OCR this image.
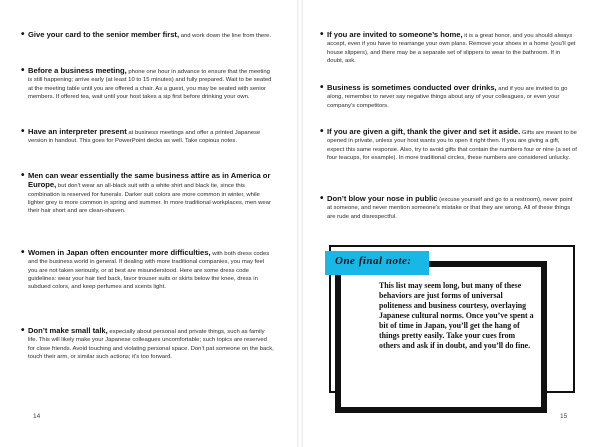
• Give your card to the senior member first, and work down the line from there.
• Before a business meeting, phone one hour in advance to ensure that the meeting is still happening; arrive early (at least 10 to 15 minutes) and fully prepared. Wait to be seated at the meeting table until you are offered a chair. As a guest, you may be seated with senior members. If offered tea, wait until your host takes a sip first before drinking your own.
• Have an interpreter present at business meetings and offer a printed Japanese version in handout. This goes for PowerPoint decks as well. Take copious notes.
• Men can wear essentially the same business attire as in America or Europe, but don’t wear an all-black suit with a white shirt and black tie, since this combination is reserved for funerals. Darker suit colors are more common in winter, while lighter grey is more common in spring and summer. In more traditional workplaces, men wear their hair short and are clean-shaven.
• Women in Japan often encounter more difficulties, with both dress codes and the business world in general. If dealing with more traditional companies, you may feel you are not taken seriously, or at best are misunderstood. Here are some dress code guidelines: wear your hair tied back, favor trouser suits or skirts below the knee, dress in subdued colors, and keep perfumes and scents light.
• Don’t make small talk, especially about personal and private things, such as family life. This will likely make your Japanese colleagues uncomfortable; such topics are reserved for close friends. Avoid touching and violating personal space. Don’t pat someone on the back, touch their arm, or similar such actions; it’s too forward.
14
• If you are invited to someone’s home, it is a great honor, and you should always accept, even if you have to rearrange your own plans. Remove your shoes in a home (you’ll get house slippers), and there may be a separate set of slippers to wear to the bathroom. If in doubt, ask.
• Business is sometimes conducted over drinks, and if you are invited to go along, remember to never say negative things about any of your colleagues, or even your company’s competitors.
• If you are given a gift, thank the giver and set it aside. Gifts are meant to be opened in private, unless your host wants you to open it right then. If you are giving a gift, expect this same response. Also, try to avoid gifts that contain the numbers four or nine (a set of four teacups, for example). In more traditional circles, these numbers are considered unlucky.
• Don’t blow your nose in public (excuse yourself and go to a restroom), never point at someone, and never mention someone’s mistake or that they are wrong. All of these things are rude and disrespectful.

This list may seem long, but many of these behaviors are just forms of universal politeness and business courtesy, overlaying Japanese cultural norms. Once you’ve spent a bit of time in Japan, you’ll get the hang of things pretty easily. Take your cues from others and ask if in doubt, and you’ll do fine.

One final note:
15
